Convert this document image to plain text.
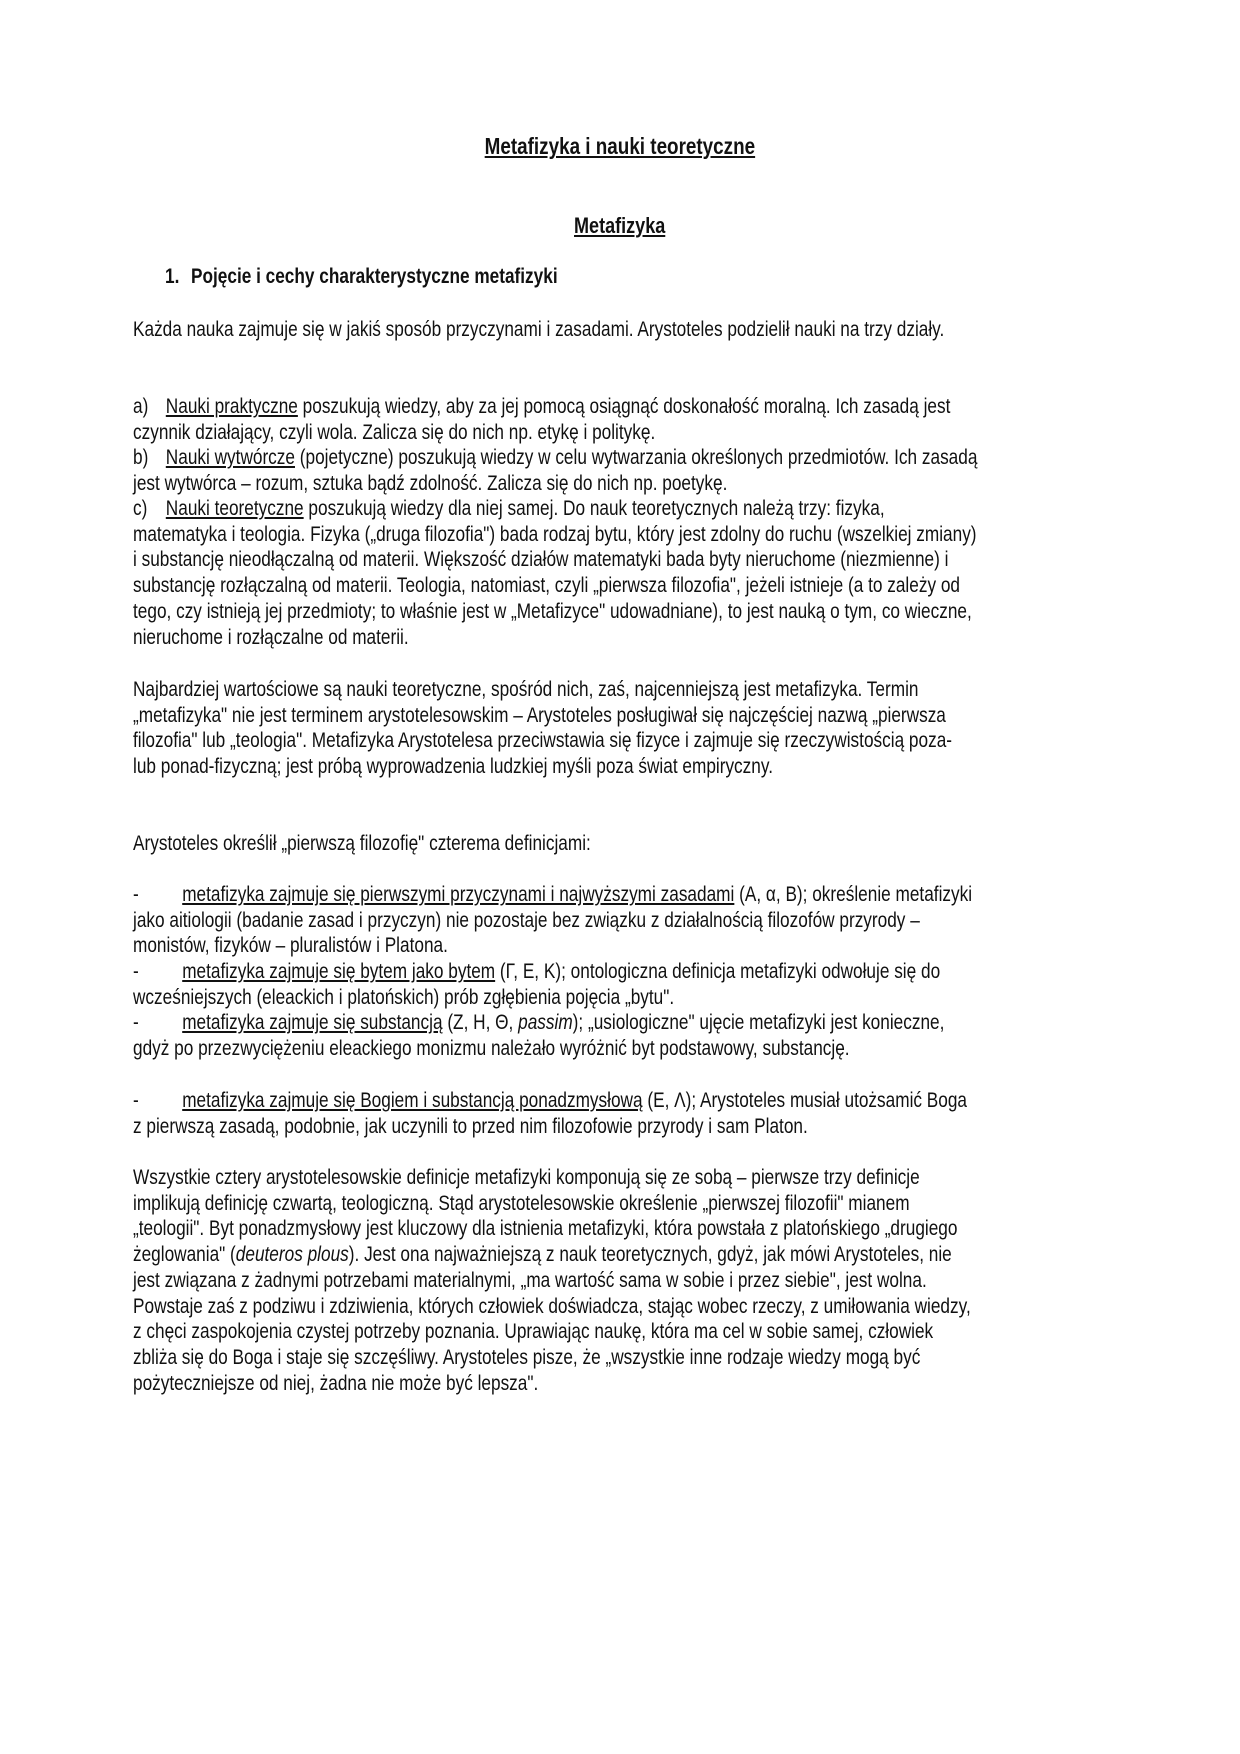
Metafizyka i nauki teoretyczne
Metafizyka
1. Pojęcie i cechy charakterystyczne metafizyki
Każda nauka zajmuje się w jakiś sposób przyczynami i zasadami. Arystoteles podzielił nauki na trzy działy.
a) Nauki praktyczne poszukują wiedzy, aby za jej pomocą osiągnąć doskonałość moralną. Ich zasadą jest czynnik działający, czyli wola. Zalicza się do nich np. etykę i politykę.
b) Nauki wytwórcze (pojetyczne) poszukują wiedzy w celu wytwarzania określonych przedmiotów. Ich zasadą jest wytwórca – rozum, sztuka bądź zdolność. Zalicza się do nich np. poetykę.
c) Nauki teoretyczne poszukują wiedzy dla niej samej. Do nauk teoretycznych należą trzy: fizyka, matematyka i teologia. Fizyka („druga filozofia") bada rodzaj bytu, który jest zdolny do ruchu (wszelkiej zmiany) i substancję nieodłączalną od materii. Większość działów matematyki bada byty nieruchome (niezmienne) i substancję rozłączalną od materii. Teologia, natomiast, czyli „pierwsza filozofia", jeżeli istnieje (a to zależy od tego, czy istnieją jej przedmioty; to właśnie jest w „Metafizyce" udowadniane), to jest nauką o tym, co wieczne, nieruchome i rozłączalne od materii.
Najbardziej wartościowe są nauki teoretyczne, spośród nich, zaś, najcenniejszą jest metafizyka. Termin „metafizyka" nie jest terminem arystotelesowskim – Arystoteles posługiwał się najczęściej nazwą „pierwsza filozofia" lub „teologia". Metafizyka Arystotelesa przeciwstawia się fizyce i zajmuje się rzeczywistością poza- lub ponad-fizyczną; jest próbą wyprowadzenia ludzkiej myśli poza świat empiryczny.
Arystoteles określił „pierwszą filozofię" czterema definicjami:
- metafizyka zajmuje się pierwszymi przyczynami i najwyższymi zasadami (A, α, B); określenie metafizyki jako aitiologii (badanie zasad i przyczyn) nie pozostaje bez związku z działalnością filozofów przyrody – monistów, fizyków – pluralistów i Platona.
- metafizyka zajmuje się bytem jako bytem (Γ, E, K); ontologiczna definicja metafizyki odwołuje się do wcześniejszych (eleackich i platońskich) prób zgłębienia pojęcia „bytu".
- metafizyka zajmuje się substancją (Z, H, Θ, passim); „usiologiczne" ujęcie metafizyki jest konieczne, gdyż po przezwyciężeniu eleackiego monizmu należało wyróżnić byt podstawowy, substancję.
- metafizyka zajmuje się Bogiem i substancją ponadzmysłową (E, Λ); Arystoteles musiał utożsamić Boga z pierwszą zasadą, podobnie, jak uczynili to przed nim filozofowie przyrody i sam Platon.
Wszystkie cztery arystotelesowskie definicje metafizyki komponują się ze sobą – pierwsze trzy definicje implikują definicję czwartą, teologiczną. Stąd arystotelesowskie określenie „pierwszej filozofii" mianem „teologii". Byt ponadzmysłowy jest kluczowy dla istnienia metafizyki, która powstała z platońskiego „drugiego żeglowania" (deuteros plous). Jest ona najważniejszą z nauk teoretycznych, gdyż, jak mówi Arystoteles, nie jest związana z żadnymi potrzebami materialnymi, „ma wartość sama w sobie i przez siebie", jest wolna. Powstaje zaś z podziwu i zdziwienia, których człowiek doświadcza, stając wobec rzeczy, z umiłowania wiedzy, z chęci zaspokojenia czystej potrzeby poznania. Uprawiając naukę, która ma cel w sobie samej, człowiek zbliża się do Boga i staje się szczęśliwy. Arystoteles pisze, że „wszystkie inne rodzaje wiedzy mogą być pożyteczniejsze od niej, żadna nie może być lepsza".
